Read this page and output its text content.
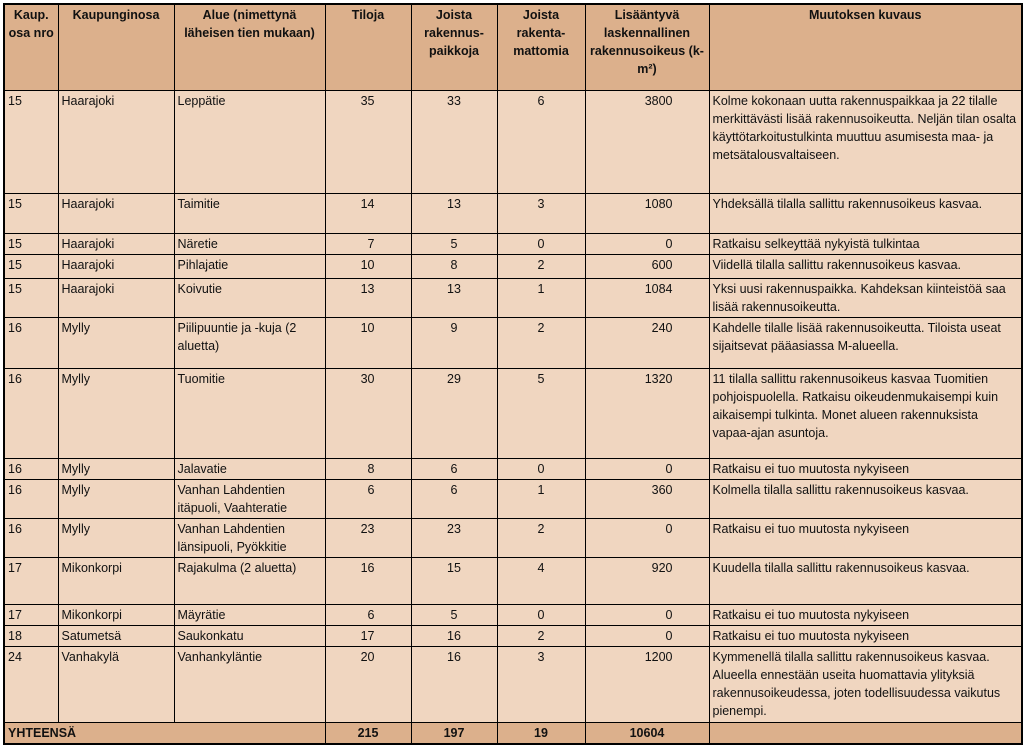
Kaup. osa nro	Kaupunginosa	Alue (nimettynä läheisen tien mukaan)	Tiloja	Joista rakennus-paikkoja	Joista rakenta-mattomia	Lisääntyvä laskennallinen rakennusoikeus (k-m²)	Muutoksen kuvaus
15	Haarajoki	Leppätie	35	33	6	3800	Kolme kokonaan uutta rakennuspaikkaa ja 22 tilalle merkittävästi lisää rakennusoikeutta. Neljän tilan osalta käyttötarkoitustulkinta muuttuu asumisesta maa- ja metsätalousvaltaiseen.
15	Haarajoki	Taimitie	14	13	3	1080	Yhdeksällä tilalla sallittu rakennusoikeus kasvaa.
15	Haarajoki	Näretie	7	5	0	0	Ratkaisu selkeyttää nykyistä tulkintaa
15	Haarajoki	Pihlajatie	10	8	2	600	Viidellä tilalla sallittu rakennusoikeus kasvaa.
15	Haarajoki	Koivutie	13	13	1	1084	Yksi uusi rakennuspaikka. Kahdeksan kiinteistöä saa lisää rakennusoikeutta.
16	Mylly	Piilipuuntie ja -kuja (2 aluetta)	10	9	2	240	Kahdelle tilalle lisää rakennusoikeutta. Tiloista useat sijaitsevat pääasiassa M-alueella.
16	Mylly	Tuomitie	30	29	5	1320	11 tilalla sallittu rakennusoikeus kasvaa Tuomitien pohjoispuolella. Ratkaisu oikeudenmukaisempi kuin aikaisempi tulkinta. Monet alueen rakennuksista vapaa-ajan asuntoja.
16	Mylly	Jalavatie	8	6	0	0	Ratkaisu ei tuo muutosta nykyiseen
16	Mylly	Vanhan Lahdentien itäpuoli, Vaahteratie	6	6	1	360	Kolmella tilalla sallittu rakennusoikeus kasvaa.
16	Mylly	Vanhan Lahdentien länsipuoli, Pyökkitie	23	23	2	0	Ratkaisu ei tuo muutosta nykyiseen
17	Mikonkorpi	Rajakulma (2 aluetta)	16	15	4	920	Kuudella tilalla sallittu rakennusoikeus kasvaa.
17	Mikonkorpi	Mäyrätie	6	5	0	0	Ratkaisu ei tuo muutosta nykyiseen
18	Satumetsä	Saukonkatu	17	16	2	0	Ratkaisu ei tuo muutosta nykyiseen
24	Vanhakylä	Vanhankyläntie	20	16	3	1200	Kymmenellä tilalla sallittu rakennusoikeus kasvaa. Alueella ennestään useita huomattavia ylityksiä rakennusoikeudessa, joten todellisuudessa vaikutus pienempi.
YHTEENSÄ			215	197	19	10604	
